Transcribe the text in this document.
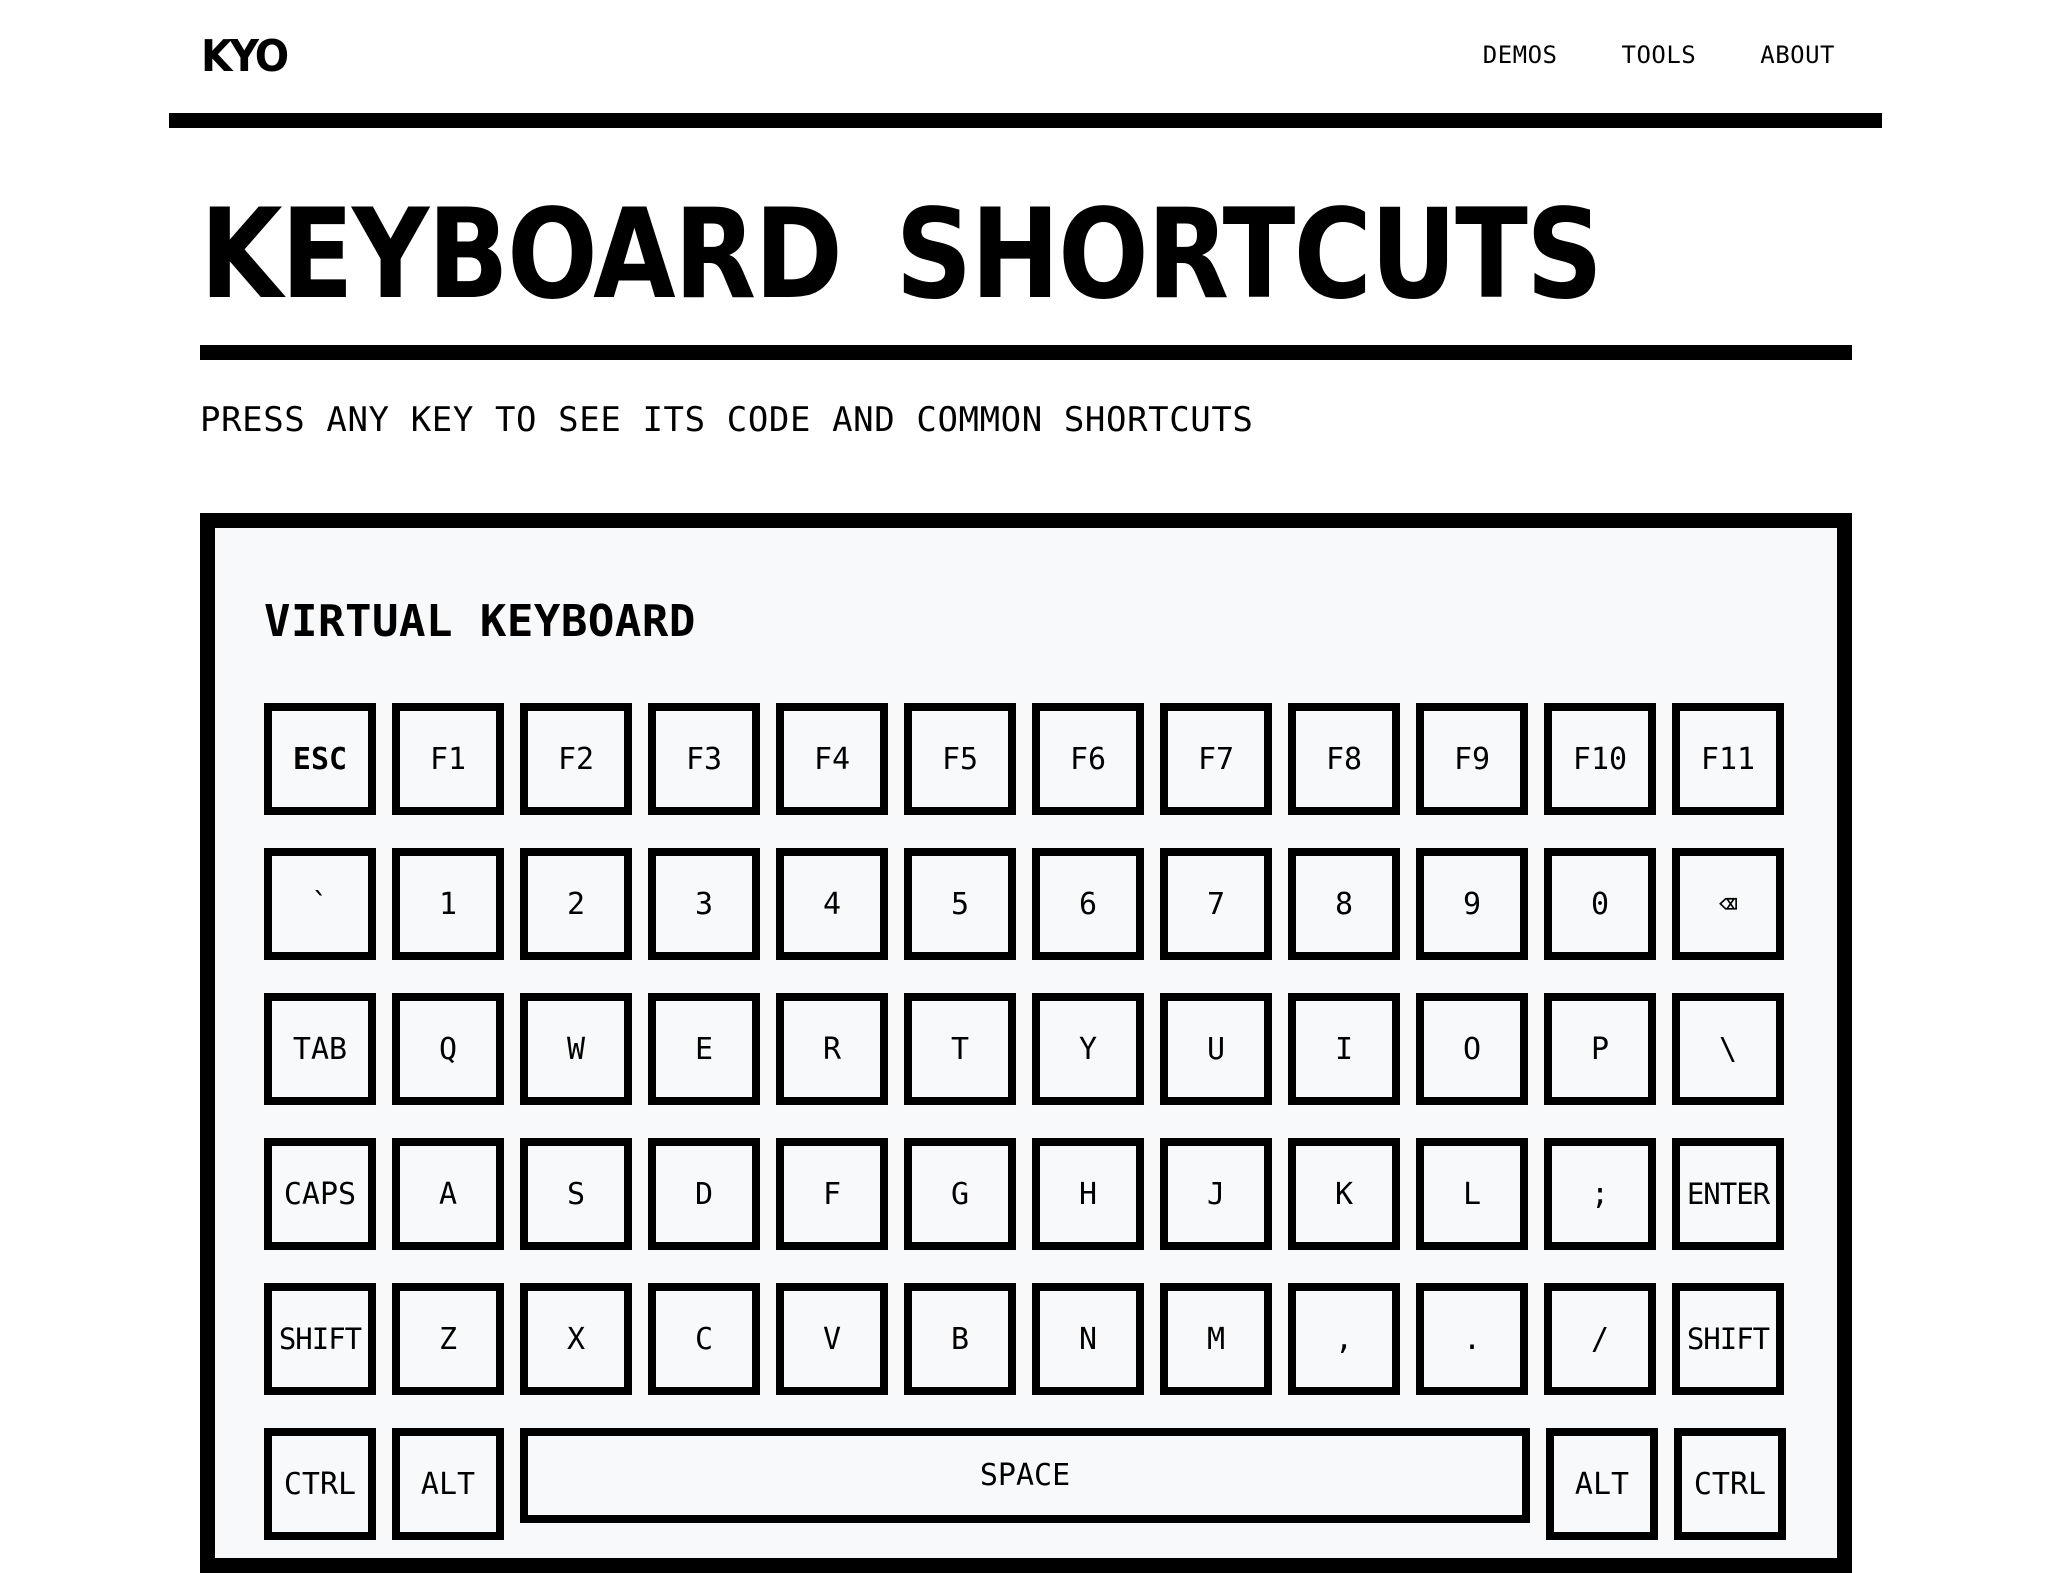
KYO	DEMOS	TOOLS	ABOUT
KEYBOARD SHORTCUTS
PRESS ANY KEY TO SEE ITS CODE AND COMMON SHORTCUTS
VIRTUAL KEYBOARD
ESC	F1	F2	F3	F4	F5	F6	F7	F8	F9	F10	F11
`	1	2	3	4	5	6	7	8	9	0	⌫
TAB	Q	W	E	R	T	Y	U	I	O	P	\
CAPS	A	S	D	F	G	H	J	K	L	;	ENTER
SHIFT	Z	X	C	V	B	N	M	,	.	/	SHIFT
CTRL	ALT	SPACE	ALT	CTRL
